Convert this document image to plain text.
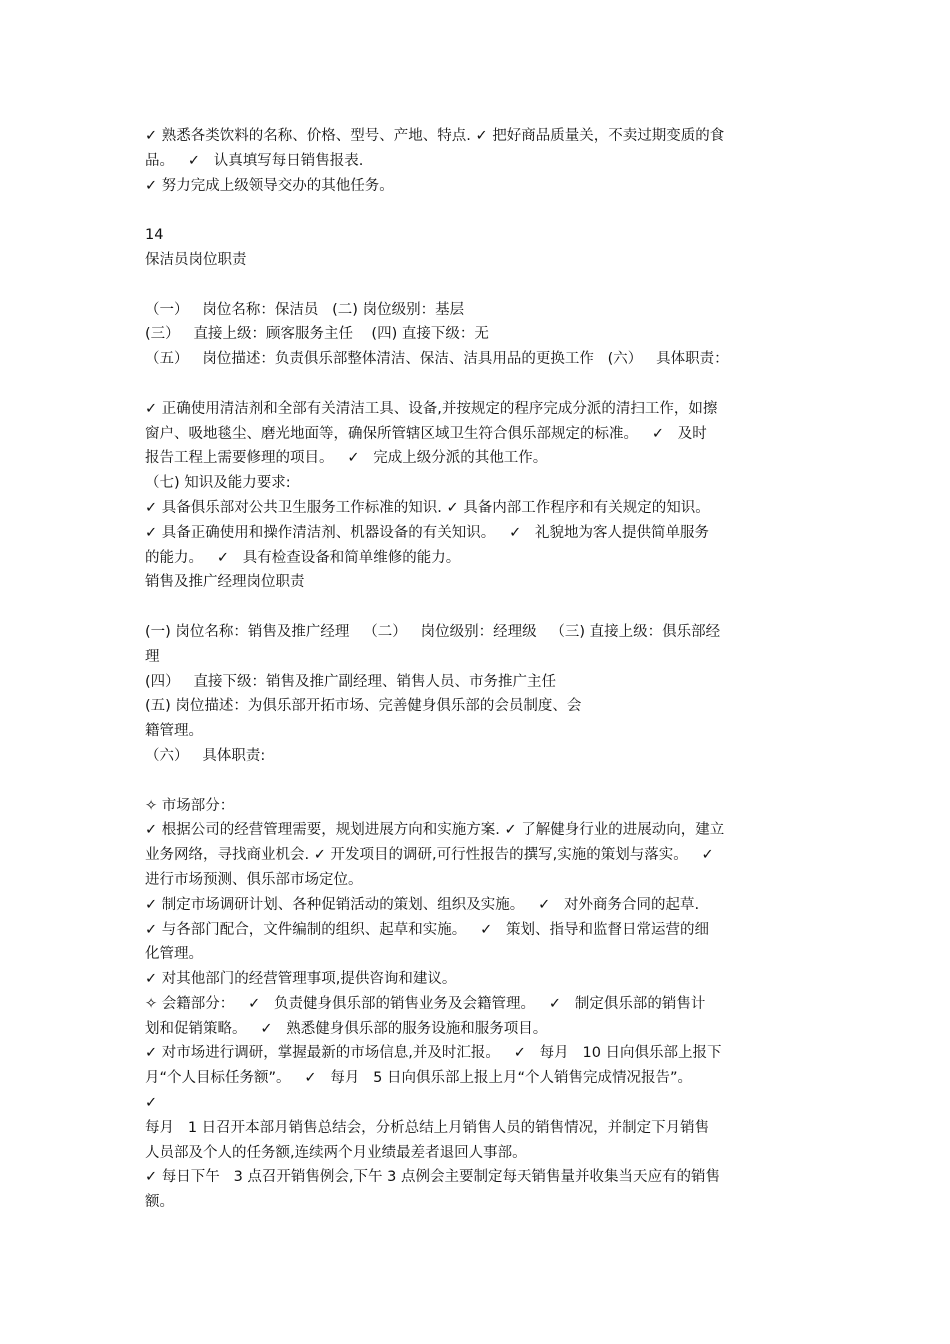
✓ 熟悉各类饮料的名称、价格、型号、产地、特点. ✓ 把好商品质量关，不卖过期变质的食
品。   ✓   认真填写每日销售报表.
✓ 努力完成上级领导交办的其他任务。
14
保洁员岗位职责
（一）   岗位名称：保洁员   (二) 岗位级别：基层
(三）   直接上级：顾客服务主任    (四) 直接下级：无
（五）   岗位描述：负责俱乐部整体清洁、保洁、洁具用品的更换工作   (六）   具体职责：
✓ 正确使用清洁剂和全部有关清洁工具、设备,并按规定的程序完成分派的清扫工作，如擦
窗户、吸地毯尘、磨光地面等，确保所管辖区域卫生符合俱乐部规定的标准。   ✓   及时
报告工程上需要修理的项目。   ✓   完成上级分派的其他工作。
（七) 知识及能力要求:
✓ 具备俱乐部对公共卫生服务工作标准的知识. ✓ 具备内部工作程序和有关规定的知识。
✓ 具备正确使用和操作清洁剂、机器设备的有关知识。   ✓   礼貌地为客人提供简单服务
的能力。   ✓   具有检查设备和简单维修的能力。
销售及推广经理岗位职责
(一) 岗位名称：销售及推广经理   （二）   岗位级别：经理级   （三) 直接上级：俱乐部经
理
(四）   直接下级：销售及推广副经理、销售人员、市务推广主任
(五) 岗位描述：为俱乐部开拓市场、完善健身俱乐部的会员制度、会
籍管理。
（六）   具体职责:
✧ 市场部分：
✓ 根据公司的经营管理需要，规划进展方向和实施方案. ✓ 了解健身行业的进展动向，建立
业务网络，寻找商业机会. ✓ 开发项目的调研,可行性报告的撰写,实施的策划与落实。   ✓
进行市场预测、俱乐部市场定位。
✓ 制定市场调研计划、各种促销活动的策划、组织及实施。   ✓   对外商务合同的起草.
✓ 与各部门配合，文件编制的组织、起草和实施。   ✓   策划、指导和监督日常运营的细
化管理。
✓ 对其他部门的经营管理事项,提供咨询和建议。
✧ 会籍部分：   ✓   负责健身俱乐部的销售业务及会籍管理。   ✓   制定俱乐部的销售计
划和促销策略。   ✓   熟悉健身俱乐部的服务设施和服务项目。
✓ 对市场进行调研，掌握最新的市场信息,并及时汇报。   ✓   每月   10 日向俱乐部上报下
月“个人目标任务额”。   ✓   每月   5 日向俱乐部上报上月“个人销售完成情况报告”。
✓
每月   1 日召开本部月销售总结会，分析总结上月销售人员的销售情况，并制定下月销售
人员部及个人的任务额,连续两个月业绩最差者退回人事部。
✓ 每日下午   3 点召开销售例会,下午 3 点例会主要制定每天销售量并收集当天应有的销售
额。
